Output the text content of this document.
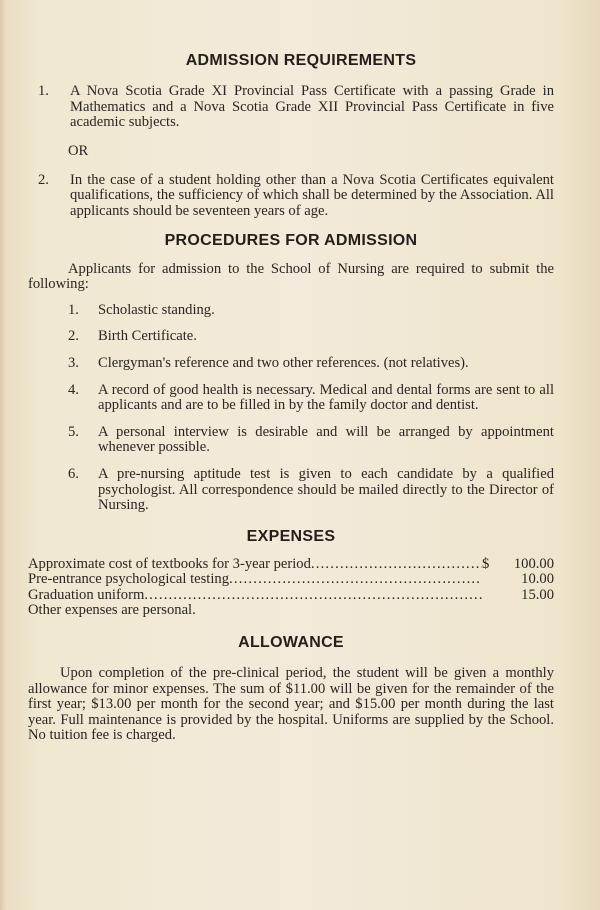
ADMISSION REQUIREMENTS
1.	A Nova Scotia Grade XI Provincial Pass Certificate with a passing Grade in Mathematics and a Nova Scotia Grade XII Provincial Pass Certificate in five academic subjects.

OR
2.	In the case of a student holding other than a Nova Scotia Certificates equivalent qualifications, the sufficiency of which shall be determined by the Association. All applicants should be seventeen years of age.

PROCEDURES FOR ADMISSION

Applicants for admission to the School of Nursing are required to submit the following:

1.	Scholastic standing.
2.	Birth Certificate.
3.	Clergyman's reference and two other references. (not relatives).
4.	A record of good health is necessary. Medical and dental forms are sent to all applicants and are to be filled in by the family doctor and dentist.
5.	A personal interview is desirable and will be arranged by appointment whenever possible.
6.	A pre-nursing aptitude test is given to each candidate by a qualified psychologist. All correspondence should be mailed directly to the Director of Nursing.
EXPENSES
Approximate cost of textbooks for 3-year period .....	$	100.00
Pre-entrance psychological testing .....	10.00
Graduation uniform .....	15.00
Other expenses are personal.
ALLOWANCE

Upon completion of the pre-clinical period, the student will be given a monthly allowance for minor expenses. The sum of $11.00 will be given for the remainder of the first year; $13.00 per month for the second year; and $15.00 per month during the last year. Full maintenance is provided by the hospital. Uniforms are supplied by the School. No tuition fee is charged.
